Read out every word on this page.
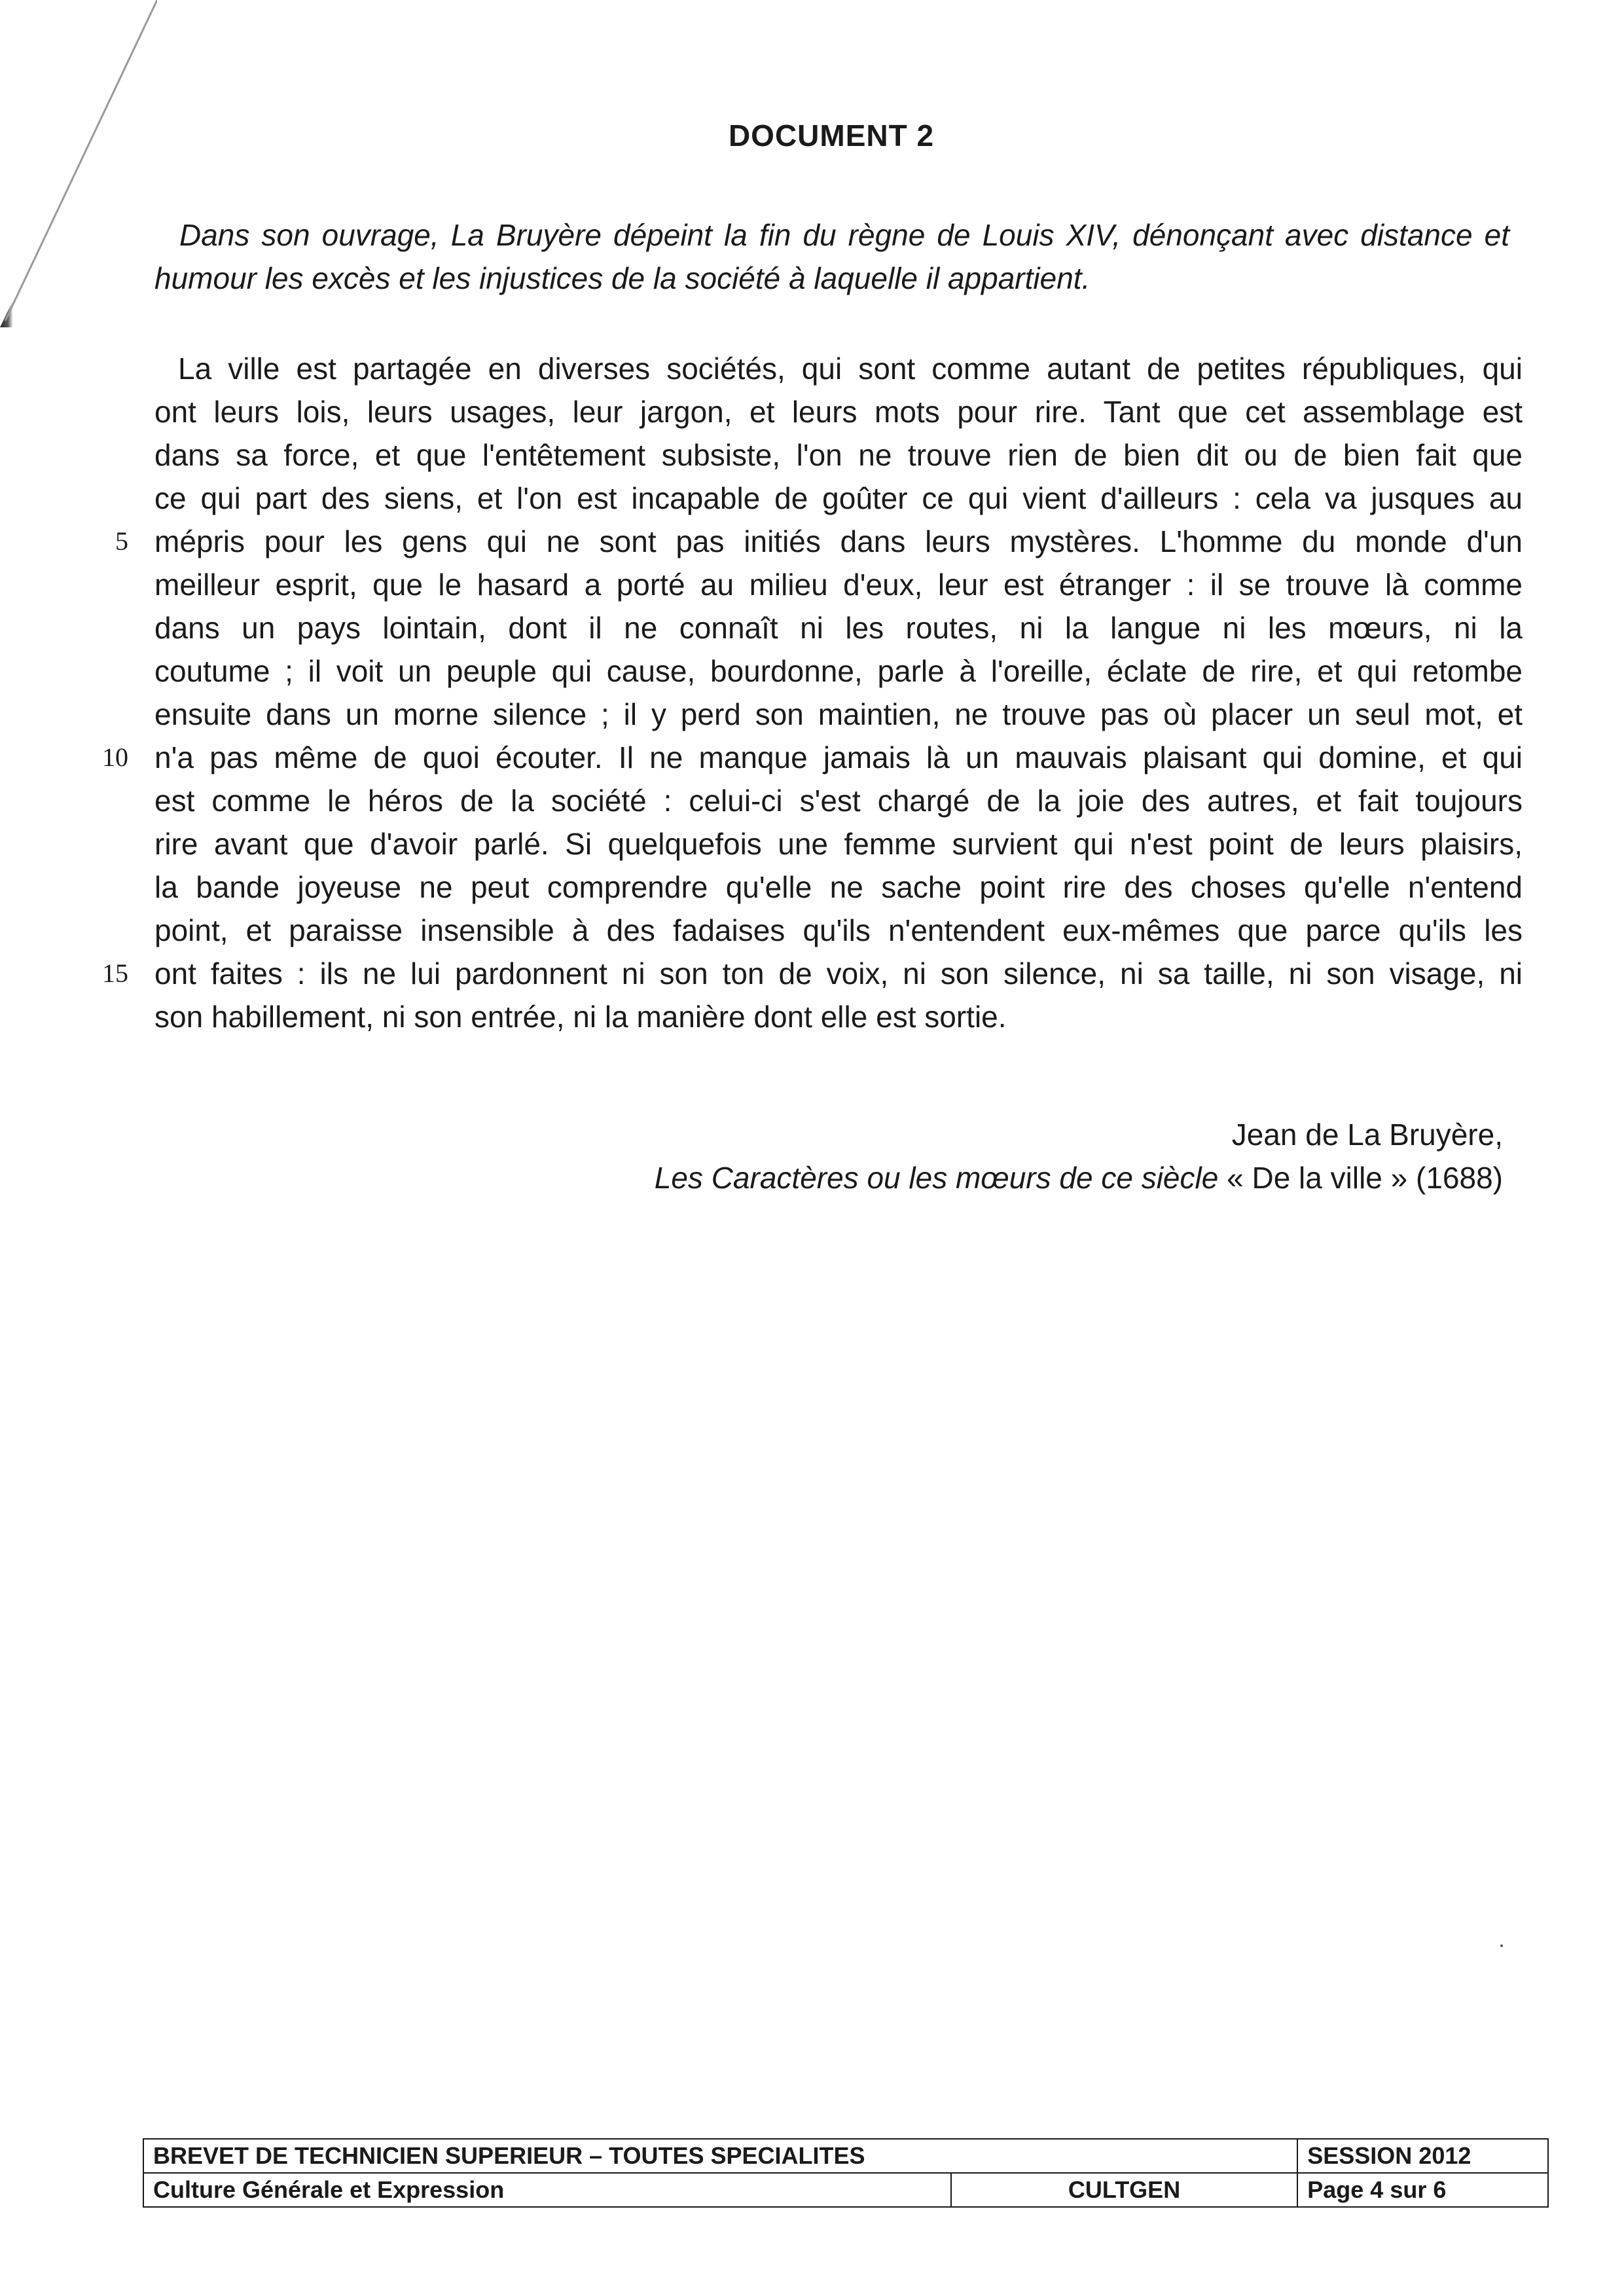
DOCUMENT 2
Dans son ouvrage, La Bruyère dépeint la fin du règne de Louis XIV, dénonçant avec distance et humour les excès et les injustices de la société à laquelle il appartient.
La ville est partagée en diverses sociétés, qui sont comme autant de petites républiques, qui
ont leurs lois, leurs usages, leur jargon, et leurs mots pour rire. Tant que cet assemblage est
dans sa force, et que l'entêtement subsiste, l'on ne trouve rien de bien dit ou de bien fait que
ce qui part des siens, et l'on est incapable de goûter ce qui vient d'ailleurs : cela va jusques au
5 mépris pour les gens qui ne sont pas initiés dans leurs mystères. L'homme du monde d'un
meilleur esprit, que le hasard a porté au milieu d'eux, leur est étranger : il se trouve là comme
dans un pays lointain, dont il ne connaît ni les routes, ni la langue ni les mœurs, ni la
coutume ; il voit un peuple qui cause, bourdonne, parle à l'oreille, éclate de rire, et qui retombe
ensuite dans un morne silence ; il y perd son maintien, ne trouve pas où placer un seul mot, et
10 n'a pas même de quoi écouter. Il ne manque jamais là un mauvais plaisant qui domine, et qui
est comme le héros de la société : celui-ci s'est chargé de la joie des autres, et fait toujours
rire avant que d'avoir parlé. Si quelquefois une femme survient qui n'est point de leurs plaisirs,
la bande joyeuse ne peut comprendre qu'elle ne sache point rire des choses qu'elle n'entend
point, et paraisse insensible à des fadaises qu'ils n'entendent eux-mêmes que parce qu'ils les
15 ont faites : ils ne lui pardonnent ni son ton de voix, ni son silence, ni sa taille, ni son visage, ni
son habillement, ni son entrée, ni la manière dont elle est sortie.
Jean de La Bruyère,
Les Caractères ou les mœurs de ce siècle « De la ville » (1688)
BREVET DE TECHNICIEN SUPERIEUR – TOUTES SPECIALITES		SESSION 2012
Culture Générale et Expression	CULTGEN	Page 4 sur 6
